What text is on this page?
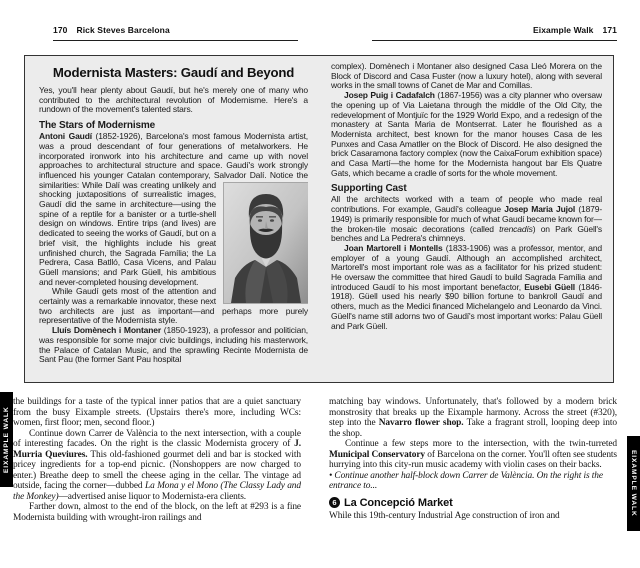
170 Rick Steves Barcelona	Eixample Walk 171
EIXAMPLE WALK
EIXAMPLE WALK
Modernista Masters: Gaudí and Beyond

Yes, you'll hear plenty about Gaudí, but he's merely one of many who contributed to the architectural revolution of Modernisme. Here's a rundown of the movement's talented stars.

The Stars of Modernisme

Antoni Gaudí (1852-1926), Barcelona's most famous Modernista artist, was a proud descendant of four generations of metalworkers. He incorporated ironwork into his architecture and came up with novel approaches to architectural structure and space. Gaudí's work strongly influenced his younger Catalan contemporary, Salvador Dalí. Notice the similarities: While Dalí was creating
unlikely and shocking juxtapositions of surrealistic images, Gaudí did the same in architecture—using the spine of a reptile for a banister or a turtle-shell design on windows. Entire trips (and lives) are dedicated to seeing the works of Gaudí, but on a brief visit, the highlights include his great unfinished church, the Sagrada Família; the La Pedrera, Casa Batlló, Casa Vicens, and Palau Güell mansions; and Park Güell, his ambitious and never-completed housing development.

While Gaudí gets most of the attention and certainly was a remarkable innovator, these next two architects are just as important—and perhaps more purely representative of the Modernista style.

Lluís Domènech i Montaner (1850-1923), a professor and politician, was responsible for some major civic buildings, including his masterwork, the Palace of Catalan Music, and the sprawling Recinte Modernista de Sant Pau (the former Sant Pau hospital

complex). Domènech i Montaner also designed Casa Lleó Morera on the Block of Discord and Casa Fuster (now a luxury hotel), along with several works in the small towns of Canet de Mar and Comillas.

Josep Puig i Cadafalch (1867-1956) was a city planner who oversaw the opening up of Via Laietana through the middle of the Old City, the redevelopment of Montjuïc for the 1929 World Expo, and a redesign of the monastery at Santa Maria de Montserrat. Later he flourished as a Modernista architect, best known for the manor houses Casa de les Punxes and Casa Amatller on the Block of Discord. He also designed the brick Casaramona factory complex (now the CaixaForum exhibition space) and Casa Martí—the home for the Modernista hangout bar Els Quatre Gats, which became a cradle of sorts for the whole movement.

Supporting Cast

All the architects worked with a team of people who made real contributions. For example, Gaudí's colleague Josep Maria Jujol (1879-1949) is primarily responsible for much of what Gaudí became known for—the broken-tile mosaic decorations (called trencadís) on Park Güell's benches and La Pedrera's chimneys.

Joan Martorell i Montells (1833-1906) was a professor, mentor, and employer of a young Gaudí. Although an accomplished architect, Martorell's most important role was as a facilitator for his prized student: He oversaw the committee that hired Gaudí to build Sagrada Família and introduced Gaudí to his most important benefactor, Eusebi Güell (1846-1918). Güell used his nearly $90 billion fortune to bankroll Gaudí and others, much as the Medici financed Michelangelo and Leonardo da Vinci. Güell's name still adorns two of Gaudí's most important works: Palau Güell and Park Güell.

the buildings for a taste of the typical inner patios that are a quiet sanctuary from the busy Eixample streets. (Upstairs there's more, including WCs: women, first floor; men, second floor.)

Continue down Carrer de València to the next intersection, with a couple of interesting facades. On the right is the classic Modernista grocery of J. Murria Queviures. This old-fashioned gourmet deli and bar is stocked with pricey ingredients for a top-end picnic. (Nonshoppers are now charged to enter.) Breathe deep to smell the cheese aging in the cellar. The vintage ad outside, facing the corner—dubbed La Mona y el Mono (The Classy Lady and the Monkey)—advertised anise liquor to Modernista-era clients.

Farther down, almost to the end of the block, on the left at #293 is a fine Modernista building with wrought-iron railings and

matching bay windows. Unfortunately, that's followed by a modern brick monstrosity that breaks up the Eixample harmony. Across the street (#320), step into the Navarro flower shop. Take a fragrant stroll, looping deep into the shop.

Continue a few steps more to the intersection, with the twin-turreted Municipal Conservatory of Barcelona on the corner. You'll often see students hurrying into this city-run music academy with violin cases on their backs.

• Continue another half-block down Carrer de València. On the right is the entrance to...

6 La Concepció Market

While this 19th-century Industrial Age construction of iron and
